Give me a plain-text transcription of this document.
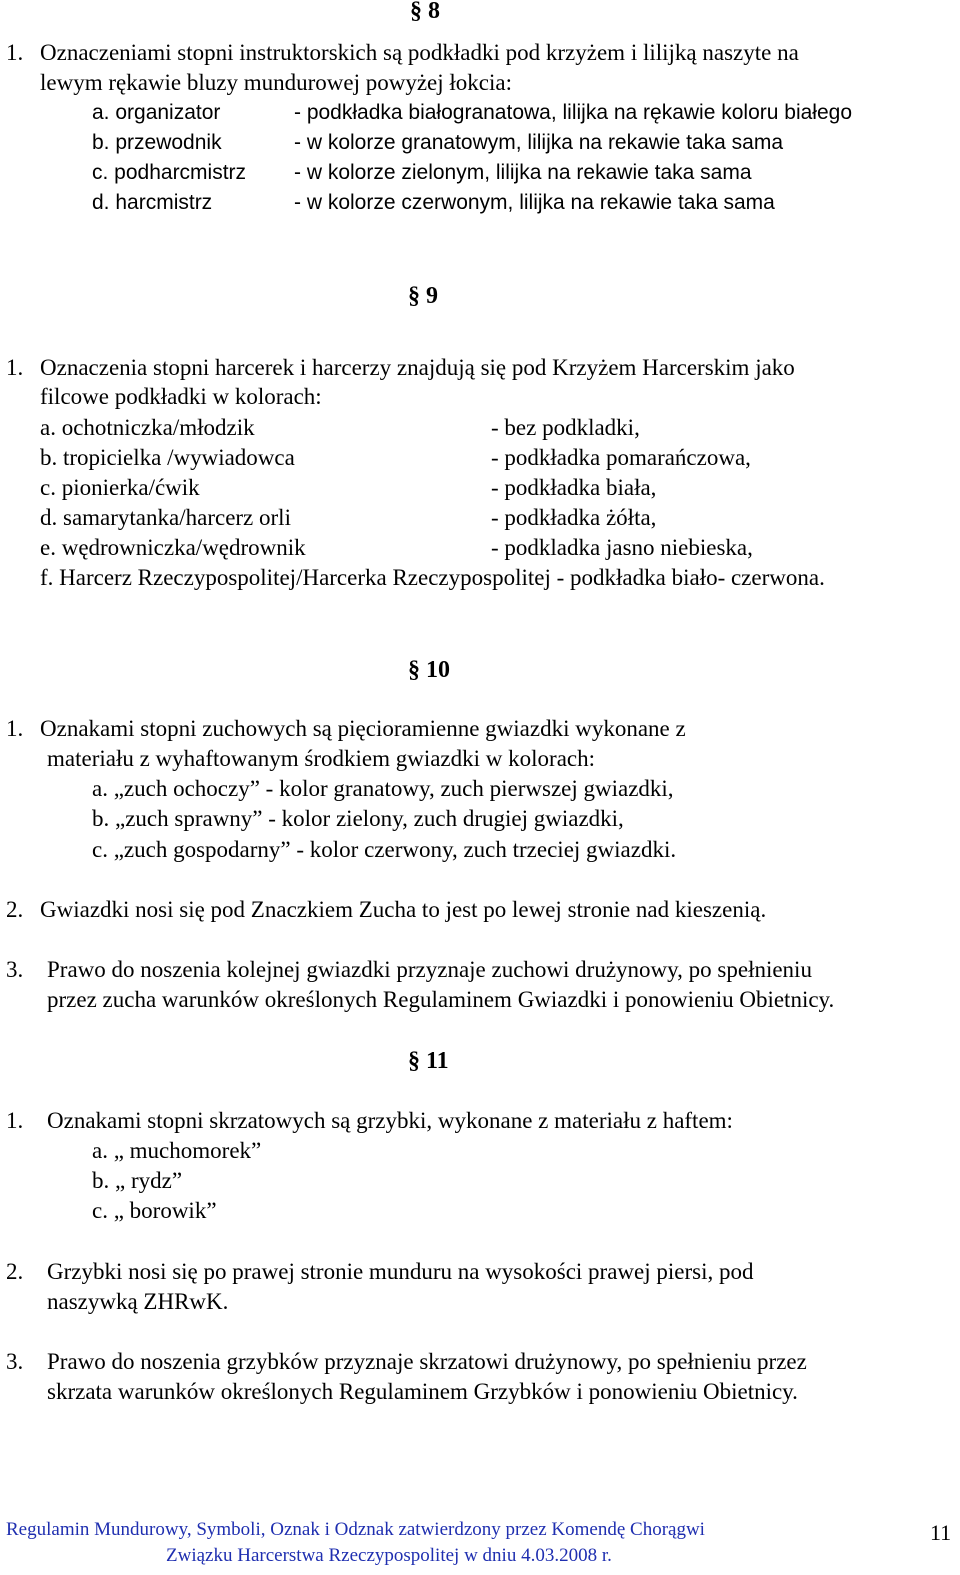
§ 8
1. Oznaczeniami stopni instruktorskich są podkładki pod krzyżem i lilijką naszyte na
lewym rękawie bluzy mundurowej powyżej łokcia:
a. organizator	- podkładka białogranatowa, lilijka na rękawie koloru białego
b. przewodnik	- w kolorze granatowym, lilijka na rekawie taka sama
c. podharcmistrz - w kolorze zielonym, lilijka na rekawie taka sama
d. harcmistrz	- w kolorze czerwonym, lilijka na rekawie taka sama
§ 9
1. Oznaczenia stopni harcerek i harcerzy znajdują się pod Krzyżem Harcerskim jako
filcowe podkładki w kolorach:
a. ochotniczka/młodzik	- bez podkladki,
b. tropicielka /wywiadowca	- podkładka pomarańczowa,
c. pionierka/ćwik	- podkładka biała,
d. samarytanka/harcerz orli	- podkładka żółta,
e. wędrowniczka/wędrownik	- podkladka jasno niebieska,
f. Harcerz Rzeczypospolitej/Harcerka Rzeczypospolitej - podkładka biało- czerwona.
§ 10
1. Oznakami stopni zuchowych są pięcioramienne gwiazdki wykonane z
materiału z wyhaftowanym środkiem gwiazdki w kolorach:
a. „zuch ochoczy” - kolor granatowy, zuch pierwszej gwiazdki,
b. „zuch sprawny” - kolor zielony, zuch drugiej gwiazdki,
c. „zuch gospodarny” - kolor czerwony, zuch trzeciej gwiazdki.
2. Gwiazdki nosi się pod Znaczkiem Zucha to jest po lewej stronie nad kieszenią.
3. Prawo do noszenia kolejnej gwiazdki przyznaje zuchowi drużynowy, po spełnieniu
przez zucha warunków określonych Regulaminem Gwiazdki i ponowieniu Obietnicy.
§ 11
1. Oznakami stopni skrzatowych są grzybki, wykonane z materiału z haftem:
a. „ muchomorek”
b. „ rydz”
c. „ borowik”
2. Grzybki nosi się po prawej stronie munduru na wysokości prawej piersi, pod
naszywką ZHRwK.
3. Prawo do noszenia grzybków przyznaje skrzatowi drużynowy, po spełnieniu przez
skrzata warunków określonych Regulaminem Grzybków i ponowieniu Obietnicy.
Regulamin Mundurowy, Symboli, Oznak i Odznak zatwierdzony przez Komendę Chorągwi
Związku Harcerstwa Rzeczypospolitej w dniu 4.03.2008 r.
11
